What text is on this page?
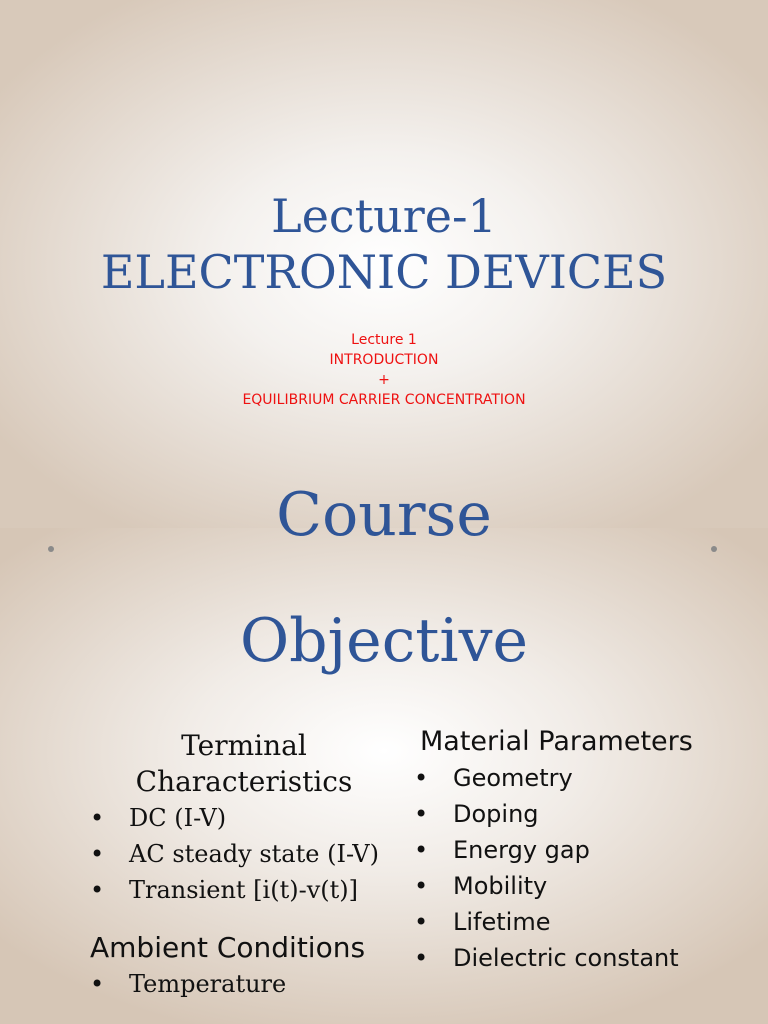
Lecture-1
ELECTRONIC DEVICES
Lecture 1
INTRODUCTION
+
EQUILIBRIUM CARRIER CONCENTRATION
Course
Objective
Terminal
Characteristics
• DC (I-V)
• AC steady state (I-V)
• Transient [i(t)-v(t)]
Ambient Conditions
• Temperature
Material Parameters
• Geometry
• Doping
• Energy gap
• Mobility
• Lifetime
• Dielectric constant
